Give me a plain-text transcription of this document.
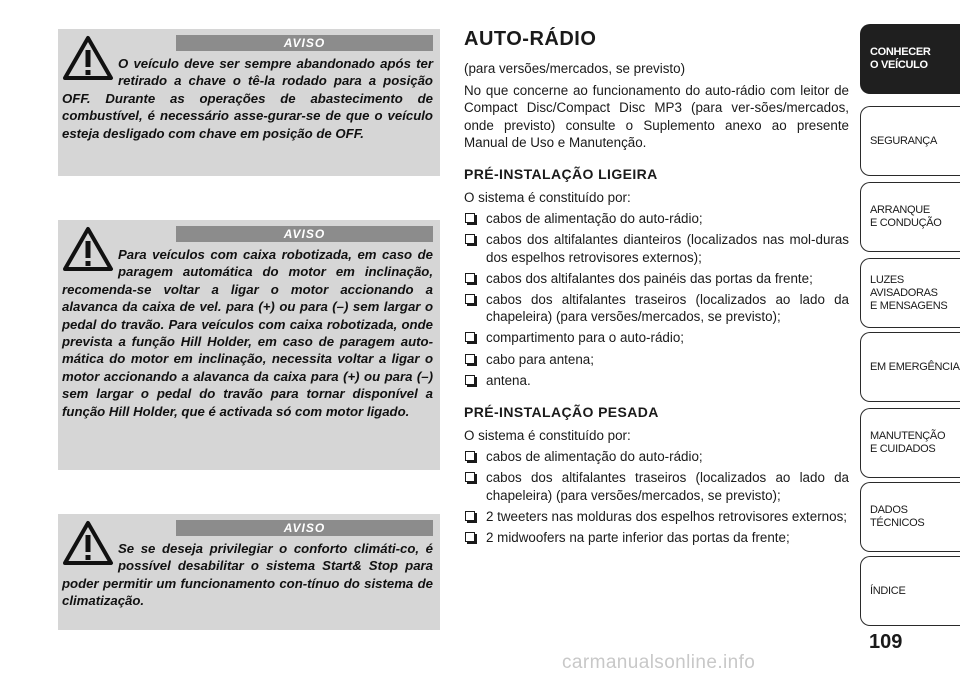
AVISO
O veículo deve ser sempre abandonado após ter retirado a chave o tê-la rodado para a posição OFF. Durante as operações de abastecimento de combustível, é necessário asse-gurar-se de que o veículo esteja desligado com chave em posição de OFF.
AVISO
Para veículos com caixa robotizada, em caso de paragem automática do motor em inclinação, recomenda-se voltar a ligar o motor accionando a alavanca da caixa de vel. para (+) ou para (–) sem largar o pedal do travão. Para veículos com caixa robotizada, onde prevista a função Hill Holder, em caso de paragem auto-mática do motor em inclinação, necessita voltar a ligar o motor accionando a alavanca da caixa para (+) ou para (–) sem largar o pedal do travão para tornar disponível a função Hill Holder, que é activada só com motor ligado.
AVISO
Se se deseja privilegiar o conforto climáti-co, é possível desabilitar o sistema Start& Stop para poder permitir um funcionamento con-tínuo do sistema de climatização.
AUTO-RÁDIO

(para versões/mercados, se previsto)

No que concerne ao funcionamento do auto-rádio com leitor de Compact Disc/Compact Disc MP3 (para ver-sões/mercados, onde previsto) consulte o Suplemento anexo ao presente Manual de Uso e Manutenção.

PRÉ-INSTALAÇÃO LIGEIRA

O sistema é constituído por:

cabos de alimentação do auto-rádio;
cabos dos altifalantes dianteiros (localizados nas mol-duras dos espelhos retrovisores externos);
cabos dos altifalantes dos painéis das portas da frente;
cabos dos altifalantes traseiros (localizados ao lado da chapeleira) (para versões/mercados, se previsto);
compartimento para o auto-rádio;
cabo para antena;
antena.
PRÉ-INSTALAÇÃO PESADA

O sistema é constituído por:

cabos de alimentação do auto-rádio;
cabos dos altifalantes traseiros (localizados ao lado da chapeleira) (para versões/mercados, se previsto);
2 tweeters nas molduras dos espelhos retrovisores externos;
2 midwoofers na parte inferior das portas da frente;
CONHECER
O VEÍCULO
SEGURANÇA
ARRANQUE
E CONDUÇÃO
LUZES AVISADORAS
E MENSAGENS
EM EMERGÊNCIA
MANUTENÇÃO
E CUIDADOS
DADOS TÉCNICOS
ÍNDICE
109
carmanualsonline.info
